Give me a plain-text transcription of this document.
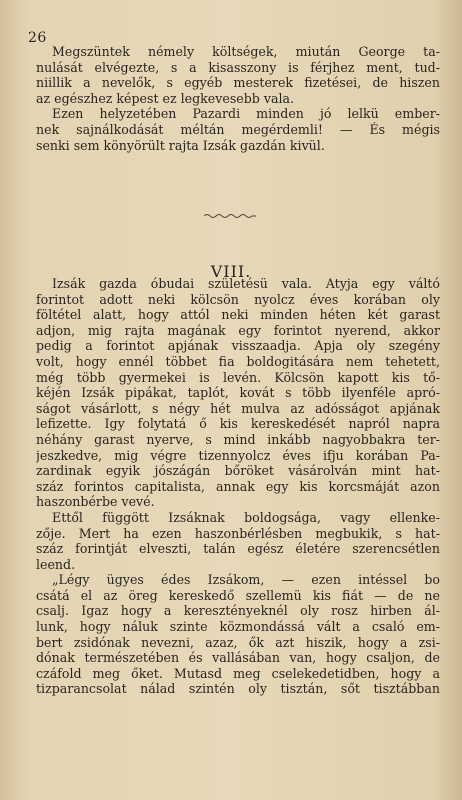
26
Megszüntek némely költségek, miután George ta-
nulását elvégezte, s a kisasszony is férjhez ment, tud-
niillik a nevelők, s egyéb mesterek fizetései, de hiszen
az egészhez képest ez legkevesebb vala.
Ezen helyzetében Pazardi minden jó lelkü ember-
nek sajnálkodását méltán megérdemli! — És mégis
senki sem könyörült rajta Izsák gazdán kivül.
VIII.
Izsák gazda óbudai születésü vala. Atyja egy váltó
forintot adott neki kölcsön nyolcz éves korában oly
föltétel alatt, hogy attól neki minden héten két garast
adjon, mig rajta magának egy forintot nyerend, akkor
pedig a forintot apjának visszaadja. Apja oly szegény
volt, hogy ennél többet fia boldogitására nem tehetett,
még több gyermekei is levén. Kölcsön kapott kis tő-
kéjén Izsák pipákat, taplót, kovát s több ilyenféle apró-
ságot vásárlott, s négy hét mulva az adósságot apjának
lefizette. Igy folytatá ő kis kereskedését napról napra
néhány garast nyerve, s mind inkább nagyobbakra ter-
jeszkedve, mig végre tizennyolcz éves ifju korában Pa-
zardinak egyik jószágán bőröket vásárolván mint hat-
száz forintos capitalista, annak egy kis korcsmáját azon
haszonbérbe vevé.
Ettől függött Izsáknak boldogsága, vagy ellenke-
zője. Mert ha ezen haszonbérlésben megbukik, s hat-
száz forintját elveszti, talán egész életére szerencsétlen
leend.
„Légy ügyes édes Izsákom, — ezen intéssel bo
csátá el az öreg kereskedő szellemü kis fiát — de ne
csalj. Igaz hogy a keresztényeknél oly rosz hirben ál-
lunk, hogy náluk szinte közmondássá vált a csaló em-
bert zsidónak nevezni, azaz, ők azt hiszik, hogy a zsi-
dónak természetében és vallásában van, hogy csaljon, de
czáfold meg őket. Mutasd meg cselekedetidben, hogy a
tizparancsolat nálad szintén oly tisztán, sőt tisztábban
